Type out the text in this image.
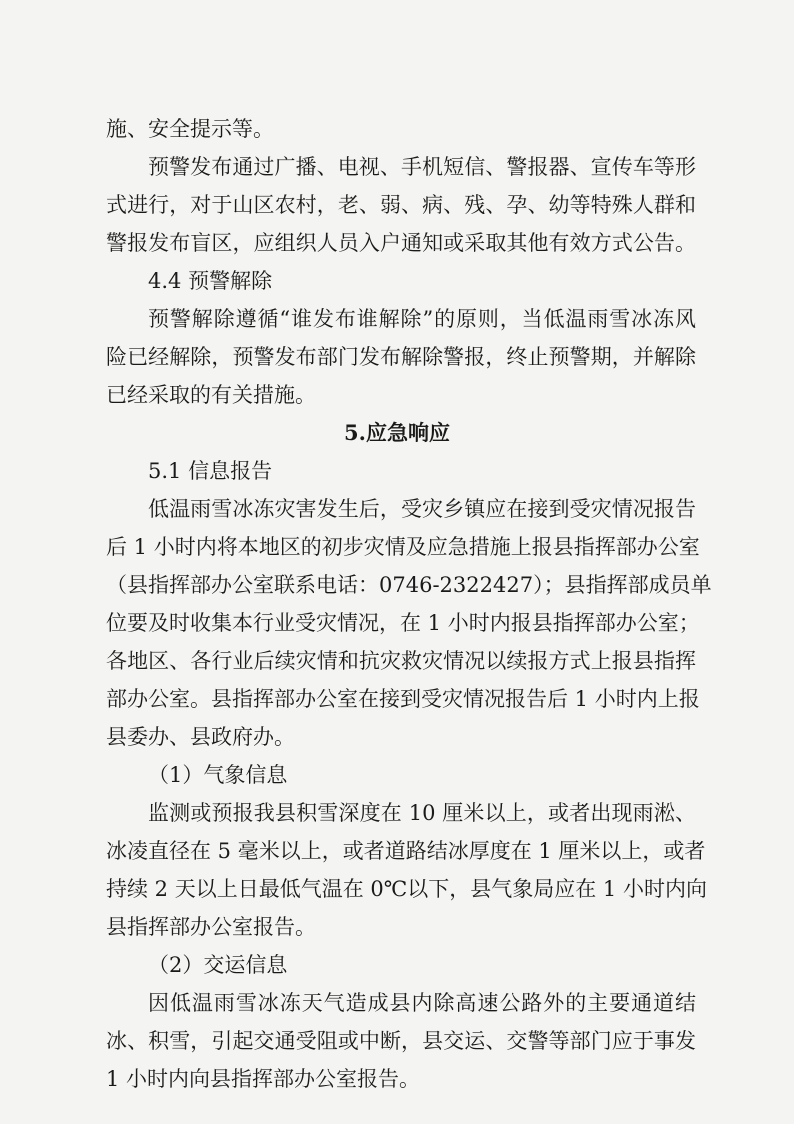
施、安全提示等。
预警发布通过广播、电视、手机短信、警报器、宣传车等形
式进行，对于山区农村，老、弱、病、残、孕、幼等特殊人群和
警报发布盲区，应组织人员入户通知或采取其他有效方式公告。
4.4 预警解除
预警解除遵循“谁发布谁解除”的原则，当低温雨雪冰冻风
险已经解除，预警发布部门发布解除警报，终止预警期，并解除
已经采取的有关措施。
5.应急响应
5.1 信息报告
低温雨雪冰冻灾害发生后，受灾乡镇应在接到受灾情况报告
后 1 小时内将本地区的初步灾情及应急措施上报县指挥部办公室
（县指挥部办公室联系电话：0746-2322427）；县指挥部成员单
位要及时收集本行业受灾情况，在 1 小时内报县指挥部办公室；
各地区、各行业后续灾情和抗灾救灾情况以续报方式上报县指挥
部办公室。县指挥部办公室在接到受灾情况报告后 1 小时内上报
县委办、县政府办。
（1）气象信息
监测或预报我县积雪深度在 10 厘米以上，或者出现雨淞、
冰凌直径在 5 毫米以上，或者道路结冰厚度在 1 厘米以上，或者
持续 2 天以上日最低气温在 0℃以下，县气象局应在 1 小时内向
县指挥部办公室报告。
（2）交运信息
因低温雨雪冰冻天气造成县内除高速公路外的主要通道结
冰、积雪，引起交通受阻或中断，县交运、交警等部门应于事发
1 小时内向县指挥部办公室报告。
